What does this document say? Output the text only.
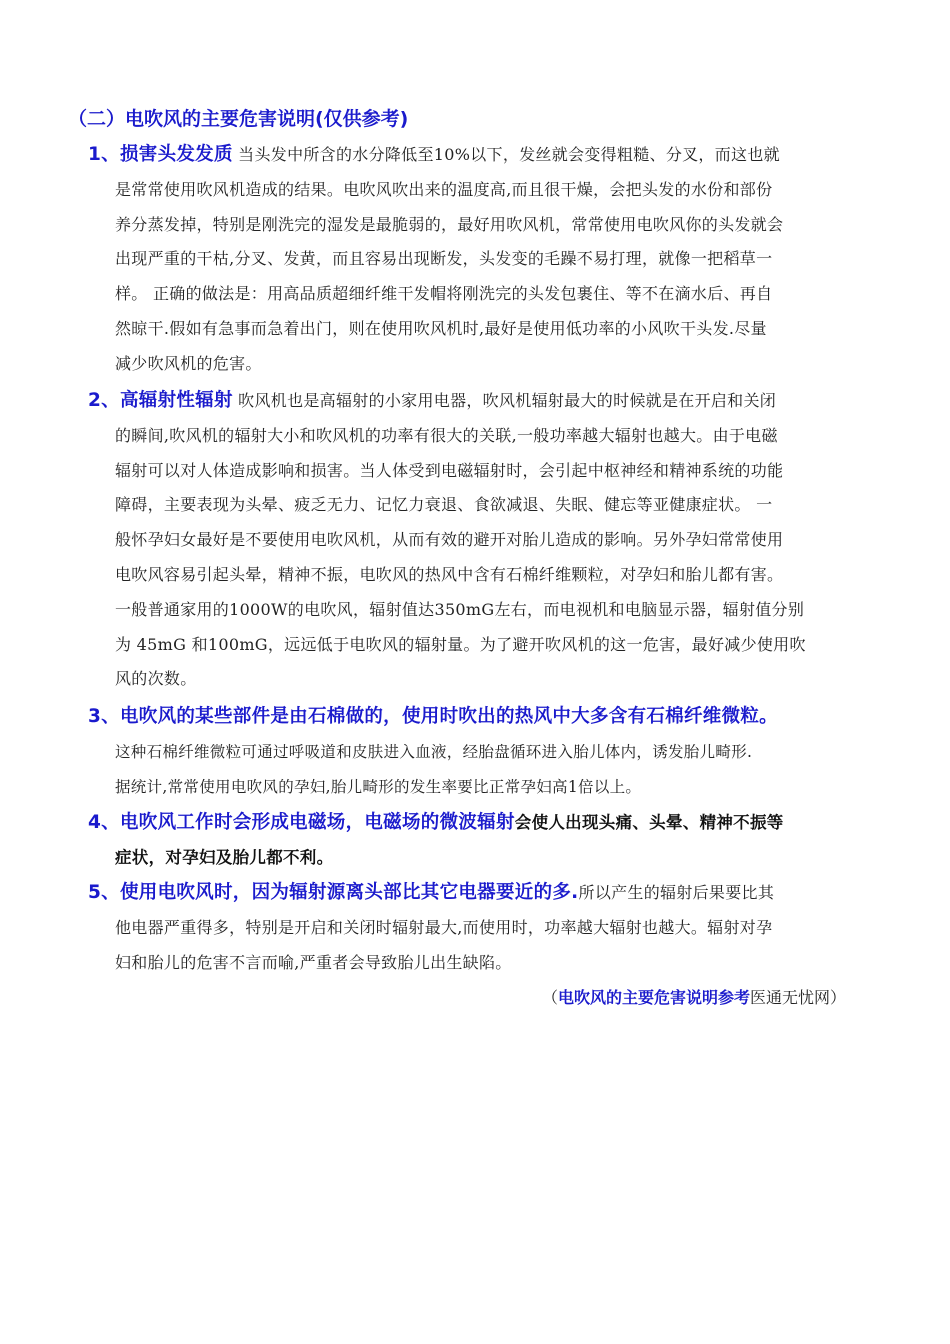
（二）电吹风的主要危害说明(仅供参考)
1、损害头发发质 当头发中所含的水分降低至10%以下，发丝就会变得粗糙、分叉，而这也就
是常常使用吹风机造成的结果。电吹风吹出来的温度高,而且很干燥，会把头发的水份和部份
养分蒸发掉，特别是刚洗完的湿发是最脆弱的，最好用吹风机，常常使用电吹风你的头发就会
出现严重的干枯,分叉、发黄，而且容易出现断发，头发变的毛躁不易打理，就像一把稻草一
样。 正确的做法是：用高品质超细纤维干发帽将刚洗完的头发包裹住、等不在滴水后、再自
然晾干.假如有急事而急着出门，则在使用吹风机时,最好是使用低功率的小风吹干头发.尽量
减少吹风机的危害。
2、高辐射性辐射 吹风机也是高辐射的小家用电器，吹风机辐射最大的时候就是在开启和关闭
的瞬间,吹风机的辐射大小和吹风机的功率有很大的关联,一般功率越大辐射也越大。由于电磁
辐射可以对人体造成影响和损害。当人体受到电磁辐射时，会引起中枢神经和精神系统的功能
障碍，主要表现为头晕、疲乏无力、记忆力衰退、食欲减退、失眠、健忘等亚健康症状。 一
般怀孕妇女最好是不要使用电吹风机，从而有效的避开对胎儿造成的影响。另外孕妇常常使用
电吹风容易引起头晕，精神不振，电吹风的热风中含有石棉纤维颗粒，对孕妇和胎儿都有害。
一般普通家用的1000W的电吹风，辐射值达350mG左右，而电视机和电脑显示器，辐射值分别
为 45mG 和100mG，远远低于电吹风的辐射量。为了避开吹风机的这一危害，最好减少使用吹
风的次数。
3、电吹风的某些部件是由石棉做的，使用时吹出的热风中大多含有石棉纤维微粒。
这种石棉纤维微粒可通过呼吸道和皮肤进入血液，经胎盘循环进入胎儿体内，诱发胎儿畸形.
据统计,常常使用电吹风的孕妇,胎儿畸形的发生率要比正常孕妇高1倍以上。
4、电吹风工作时会形成电磁场，电磁场的微波辐射会使人出现头痛、头晕、精神不振等
症状，对孕妇及胎儿都不利。
5、使用电吹风时，因为辐射源离头部比其它电器要近的多.所以产生的辐射后果要比其
他电器严重得多，特别是开启和关闭时辐射最大,而使用时，功率越大辐射也越大。辐射对孕
妇和胎儿的危害不言而喻,严重者会导致胎儿出生缺陷。
（电吹风的主要危害说明参考医通无忧网）
